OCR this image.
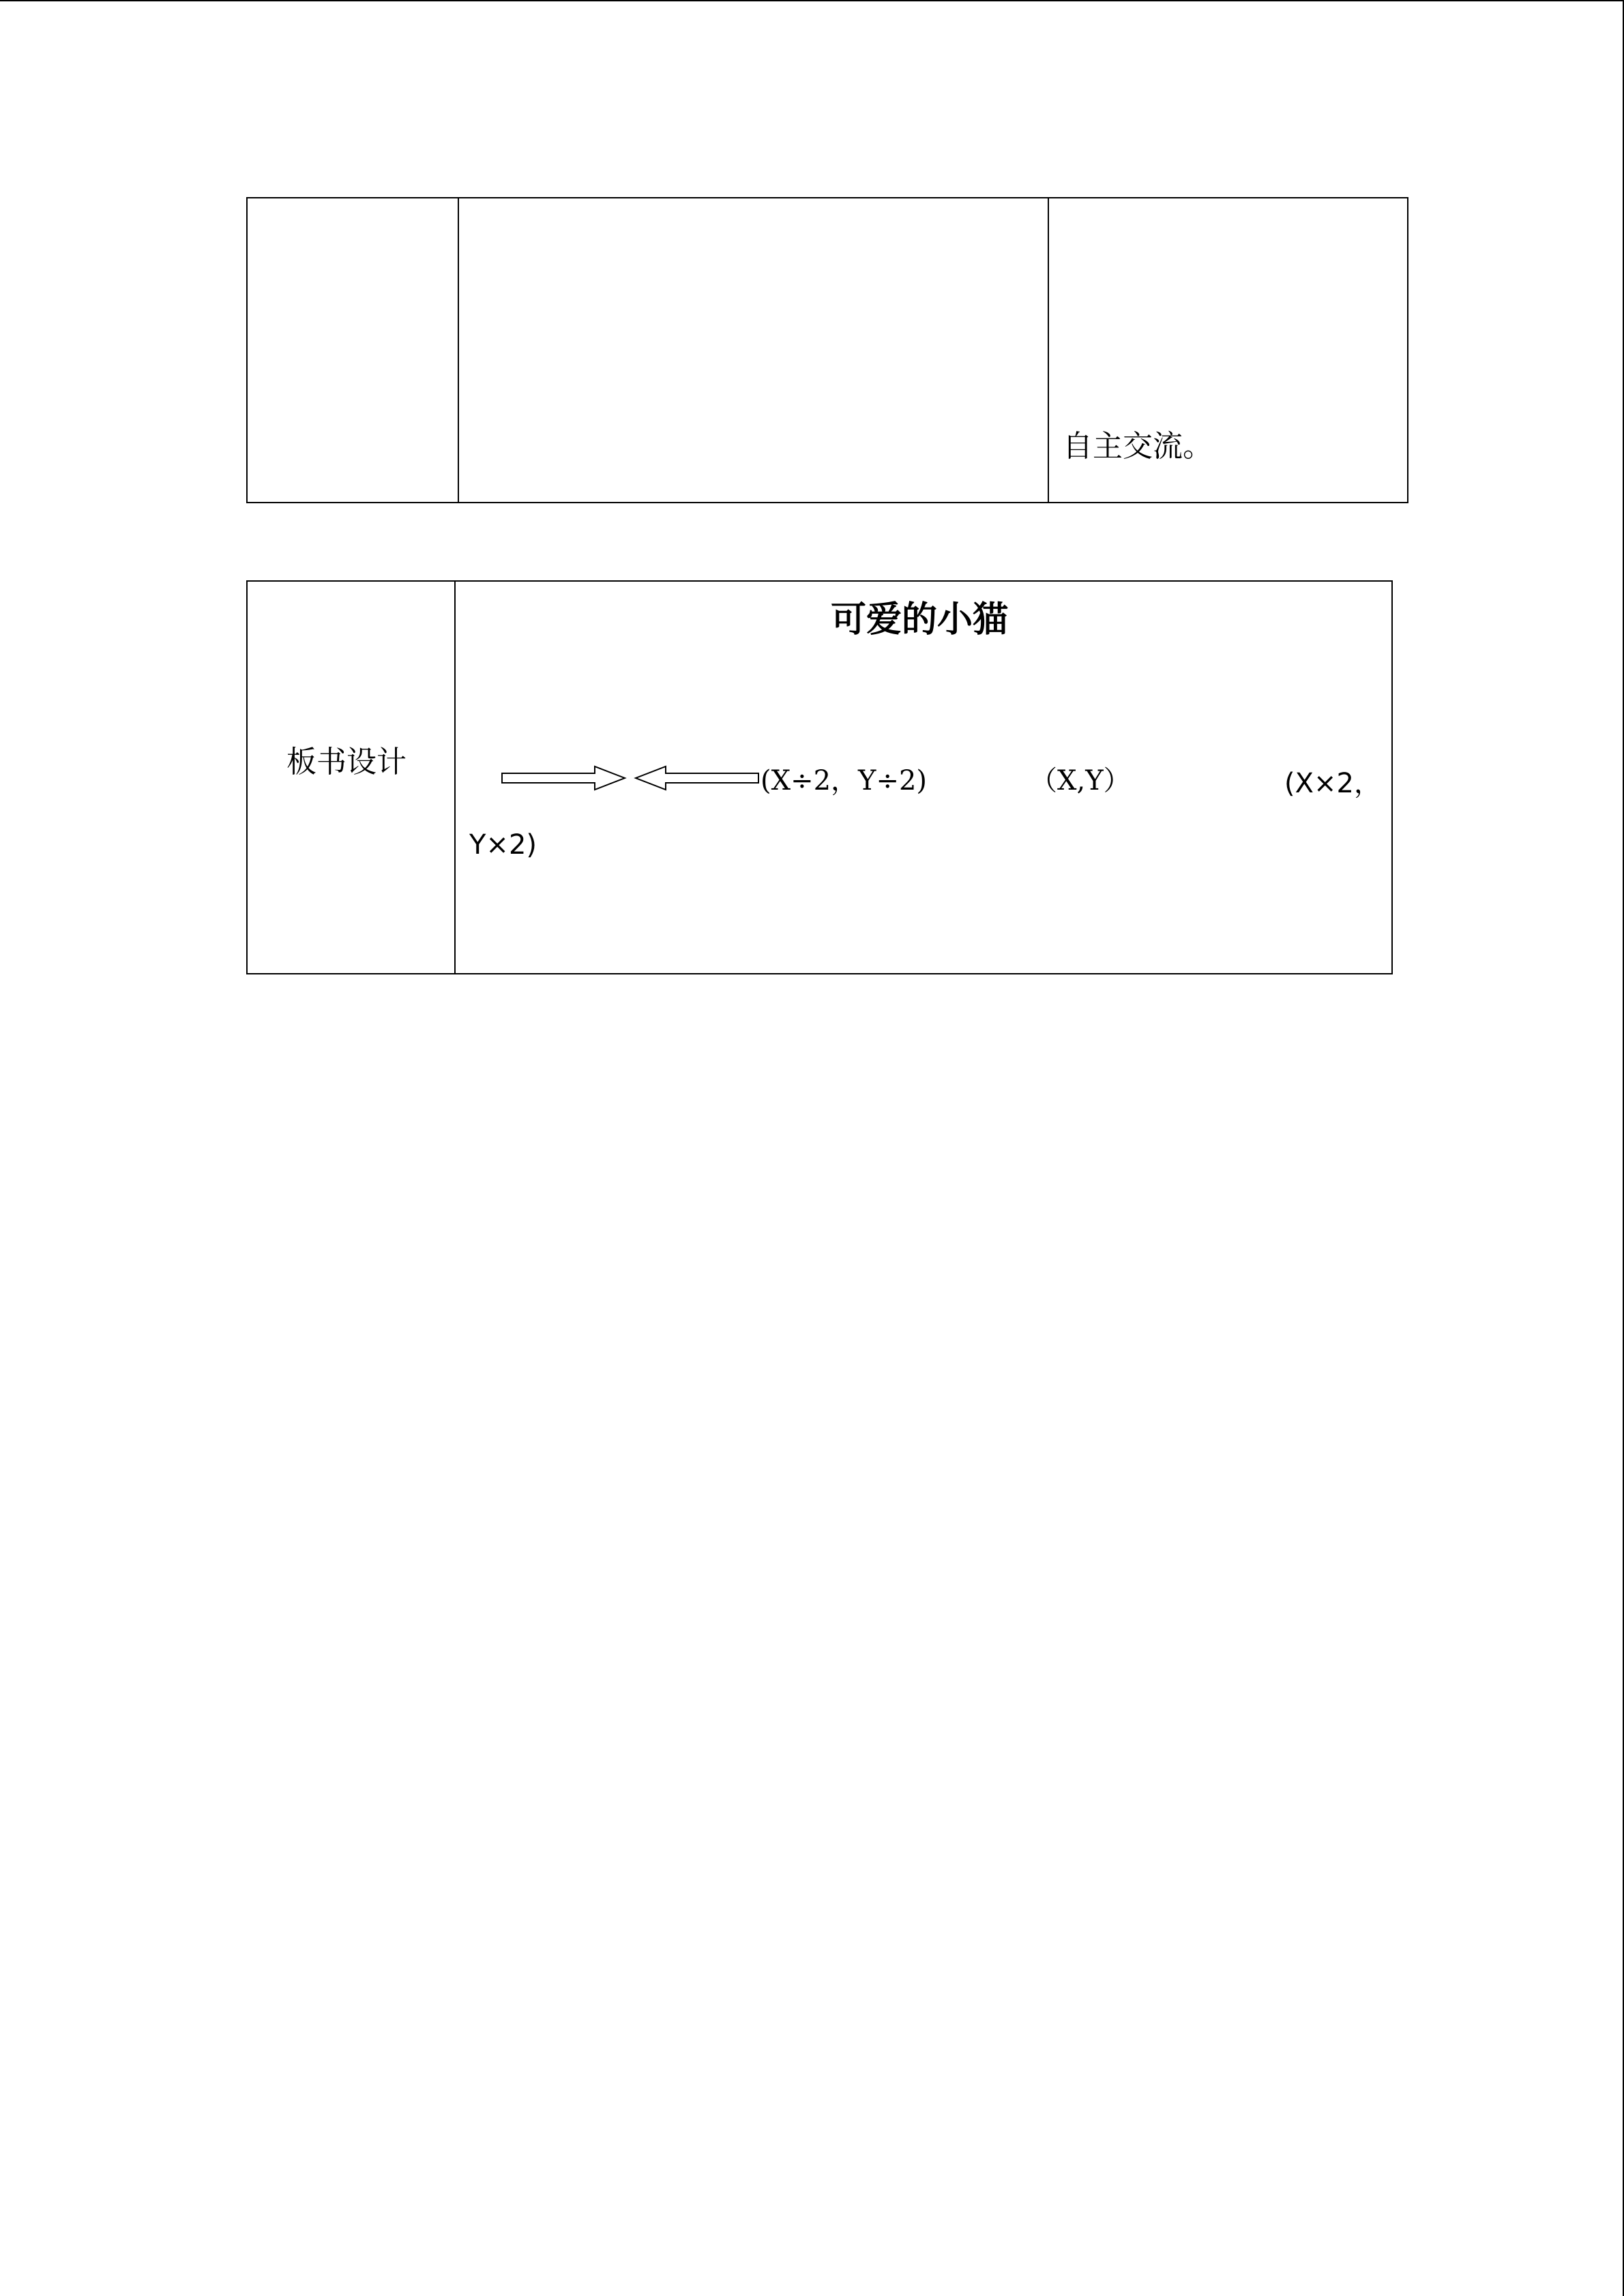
自主交流。
板书设计
可爱的小猫
(X÷2，Y÷2)	（X,Y）	(X×2，
Y×2)
